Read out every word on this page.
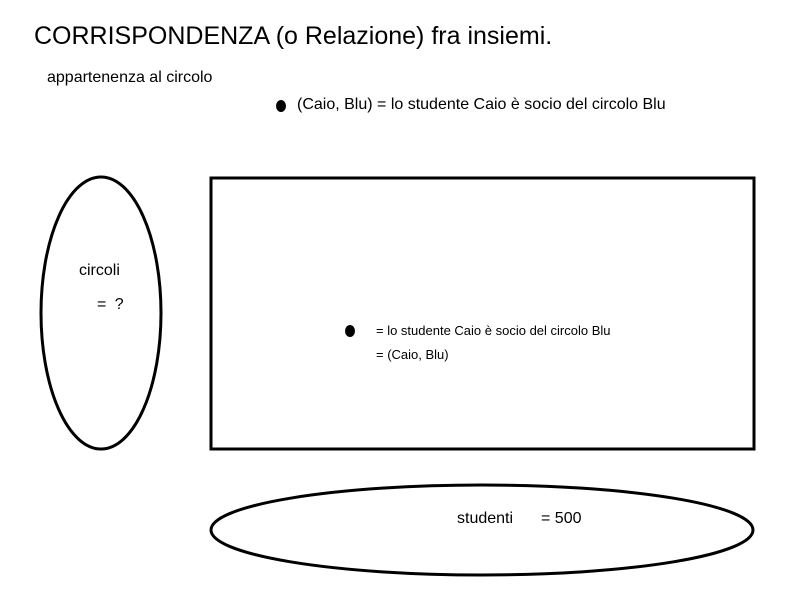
CORRISPONDENZA (o Relazione) fra insiemi.
appartenenza al circolo
(Caio, Blu) = lo studente Caio è socio del circolo Blu
circoli
= ?
= lo studente Caio è socio del circolo Blu
= (Caio, Blu)
studenti = 500
